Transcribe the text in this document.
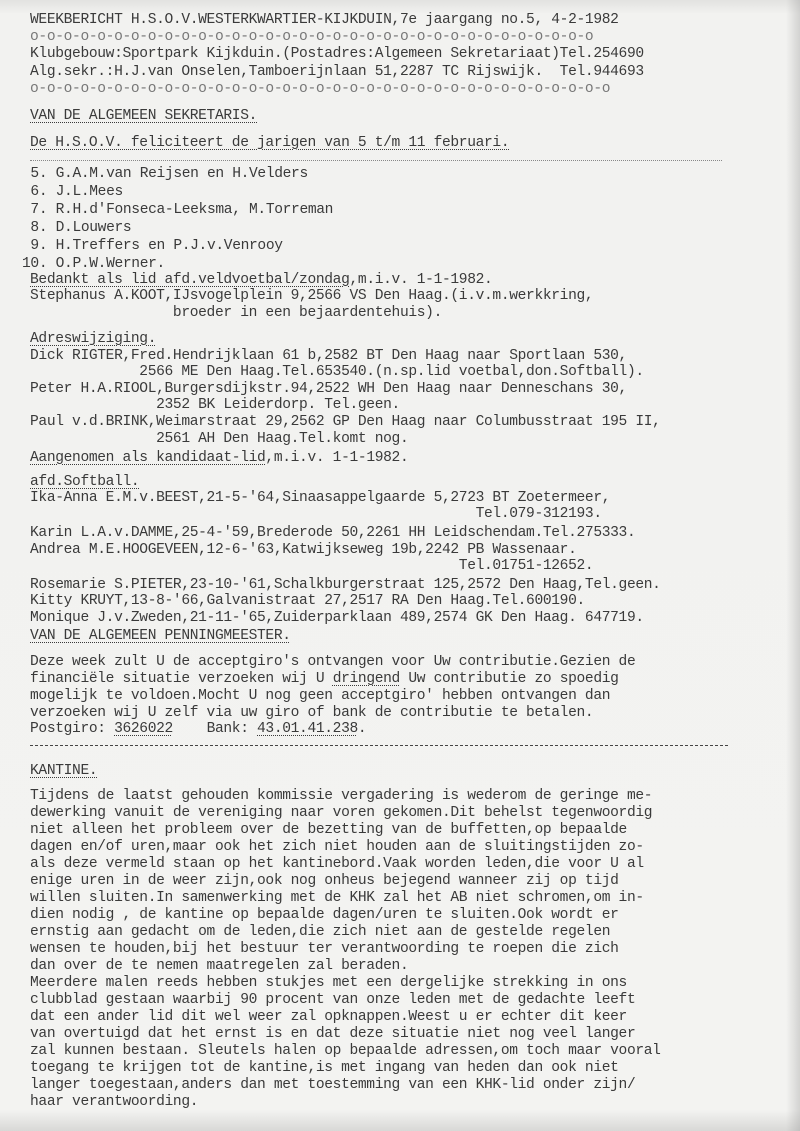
WEEKBERICHT H.S.O.V.WESTERKWARTIER-KIJKDUIN,7e jaargang no.5, 4-2-1982
o-o-o-o-o-o-o-o-o-o-o-o-o-o-o-o-o-o-o-o-o-o-o-o-o-o-o-o-o-o-o-o-o-o
Klubgebouw:Sportpark Kijkduin.(Postadres:Algemeen Sekretariaat)Tel.254690
Alg.sekr.:H.J.van Onselen,Tamboerijnlaan 51,2287 TC Rijswijk.  Tel.944693
o-o-o-o-o-o-o-o-o-o-o-o-o-o-o-o-o-o-o-o-o-o-o-o-o-o-o-o-o-o-o-o-o-o-o
VAN DE ALGEMEEN SEKRETARIS.
De H.S.O.V. feliciteert de jarigen van 5 t/m 11 februari.
5. G.A.M.van Reijsen en H.Velders
6. J.L.Mees
7. R.H.d'Fonseca-Leeksma, M.Torreman
8. D.Louwers
9. H.Treffers en P.J.v.Venrooy
10. O.P.W.Werner.
Bedankt als lid afd.veldvoetbal/zondag,m.i.v. 1-1-1982.
Stephanus A.KOOT,IJsvogelplein 9,2566 VS Den Haag.(i.v.m.werkkring,
broeder in een bejaardentehuis).
Adreswijziging.
Dick RIGTER,Fred.Hendrijklaan 61 b,2582 BT Den Haag naar Sportlaan 530,
2566 ME Den Haag.Tel.653540.(n.sp.lid voetbal,don.Softball).
Peter H.A.RIOOL,Burgersdijkstr.94,2522 WH Den Haag naar Denneschans 30,
2352 BK Leiderdorp. Tel.geen.
Paul v.d.BRINK,Weimarstraat 29,2562 GP Den Haag naar Columbusstraat 195 II,
2561 AH Den Haag.Tel.komt nog.
Aangenomen als kandidaat-lid,m.i.v. 1-1-1982.
afd.Softball.
Ika-Anna E.M.v.BEEST,21-5-'64,Sinaasappelgaarde 5,2723 BT Zoetermeer,
Tel.079-312193.
Karin L.A.v.DAMME,25-4-'59,Brederode 50,2261 HH Leidschendam.Tel.275333.
Andrea M.E.HOOGEVEEN,12-6-'63,Katwijkseweg 19b,2242 PB Wassenaar.
Tel.01751-12652.
Rosemarie S.PIETER,23-10-'61,Schalkburgerstraat 125,2572 Den Haag,Tel.geen.
Kitty KRUYT,13-8-'66,Galvanistraat 27,2517 RA Den Haag.Tel.600190.
Monique J.v.Zweden,21-11-'65,Zuiderparklaan 489,2574 GK Den Haag. 647719.
VAN DE ALGEMEEN PENNINGMEESTER.
Deze week zult U de acceptgiro's ontvangen voor Uw contributie.Gezien de
financiële situatie verzoeken wij U dringend Uw contributie zo spoedig
mogelijk te voldoen.Mocht U nog geen acceptgiro' hebben ontvangen dan
verzoeken wij U zelf via uw giro of bank de contributie te betalen.
Postgiro: 3626022    Bank: 43.01.41.238.
KANTINE.
Tijdens de laatst gehouden kommissie vergadering is wederom de geringe me-
dewerking vanuit de vereniging naar voren gekomen.Dit behelst tegenwoordig
niet alleen het probleem over de bezetting van de buffetten,op bepaalde
dagen en/of uren,maar ook het zich niet houden aan de sluitingstijden zo-
als deze vermeld staan op het kantinebord.Vaak worden leden,die voor U al
enige uren in de weer zijn,ook nog onheus bejegend wanneer zij op tijd
willen sluiten.In samenwerking met de KHK zal het AB niet schromen,om in-
dien nodig , de kantine op bepaalde dagen/uren te sluiten.Ook wordt er
ernstig aan gedacht om de leden,die zich niet aan de gestelde regelen
wensen te houden,bij het bestuur ter verantwoording te roepen die zich
dan over de te nemen maatregelen zal beraden.
Meerdere malen reeds hebben stukjes met een dergelijke strekking in ons
clubblad gestaan waarbij 90 procent van onze leden met de gedachte leeft
dat een ander lid dit wel weer zal opknappen.Weest u er echter dit keer
van overtuigd dat het ernst is en dat deze situatie niet nog veel langer
zal kunnen bestaan. Sleutels halen op bepaalde adressen,om toch maar vooral
toegang te krijgen tot de kantine,is met ingang van heden dan ook niet
langer toegestaan,anders dan met toestemming van een KHK-lid onder zijn/
haar verantwoording.
